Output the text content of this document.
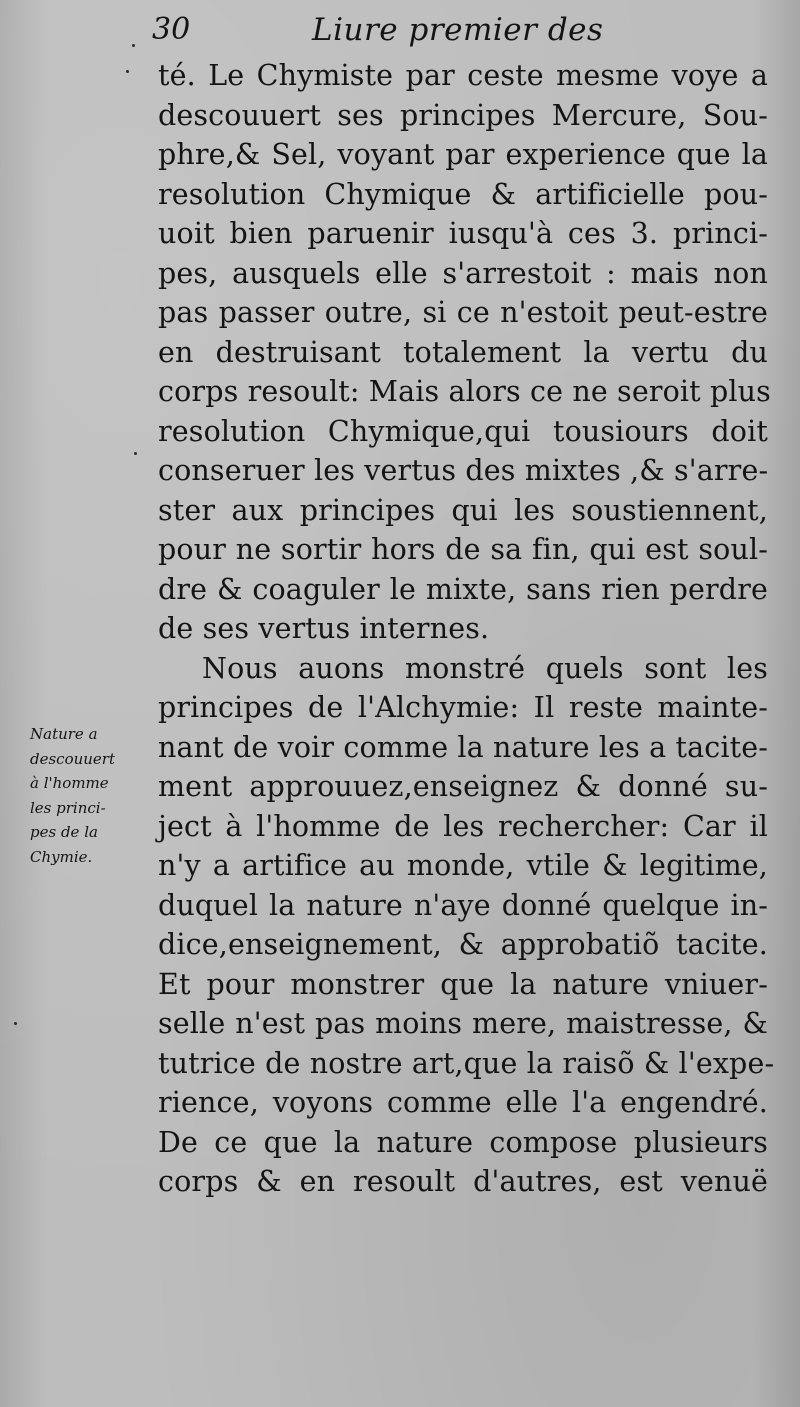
30	Liure premier des
té. Le Chymiste par ceste mesme voye a
descouuert ses principes Mercure, Sou-
phre,& Sel, voyant par experience que la
resolution Chymique & artificielle pou-
uoit bien paruenir iusqu'à ces 3. princi-
pes, ausquels elle s'arrestoit : mais non
pas passer outre, si ce n'estoit peut-estre
en destruisant totalement la vertu du
corps resoult: Mais alors ce ne seroit plus
resolution Chymique,qui tousiours doit
conseruer les vertus des mixtes ,& s'arre-
ster aux principes qui les soustiennent,
pour ne sortir hors de sa fin, qui est soul-
dre & coaguler le mixte, sans rien perdre
de ses vertus internes.
Nous auons monstré quels sont les
principes de l'Alchymie: Il reste mainte-
nant de voir comme la nature les a tacite-
ment approuuez,enseignez & donné su-
ject à l'homme de les rechercher: Car il
n'y a artifice au monde, vtile & legitime,
duquel la nature n'aye donné quelque in-
dice,enseignement, & approbatiõ tacite.
Et pour monstrer que la nature vniuer-
selle n'est pas moins mere, maistresse, &
tutrice de nostre art,que la raisõ & l'expe-
rience, voyons comme elle l'a engendré.
De ce que la nature compose plusieurs
corps & en resoult d'autres, est venuë
Nature a
descouuert
à l'homme
les princi-
pes de la
Chymie.
